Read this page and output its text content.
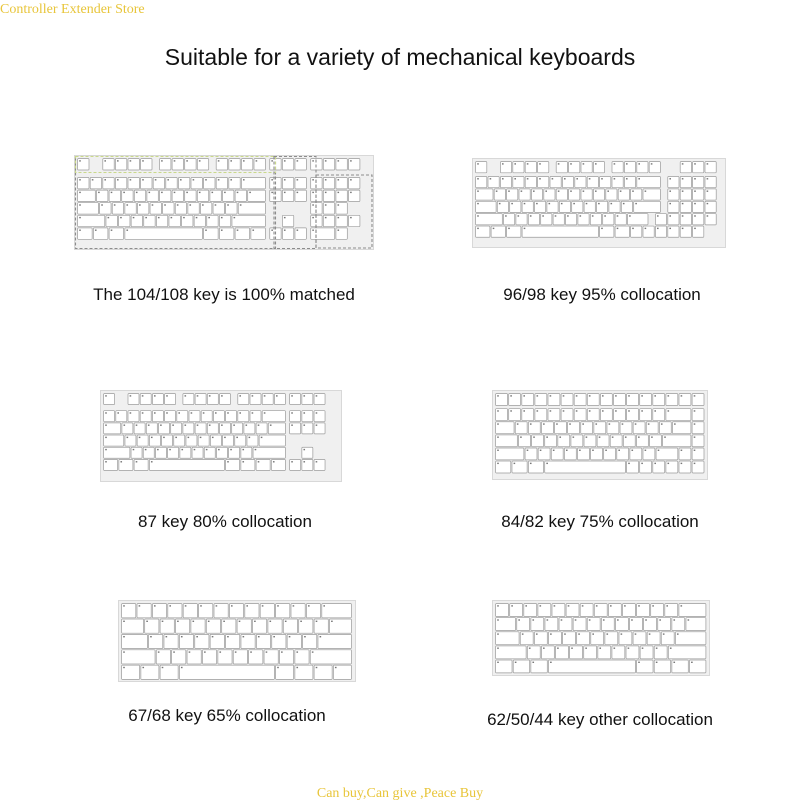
Controller Extender Store
Suitable for a variety of mechanical keyboards
The 104/108 key is 100% matched	96/98 key 95% collocation
87 key 80% collocation	84/82 key 75% collocation
67/68 key 65% collocation	62/50/44 key other collocation
Can buy,Can give ,Peace Buy
